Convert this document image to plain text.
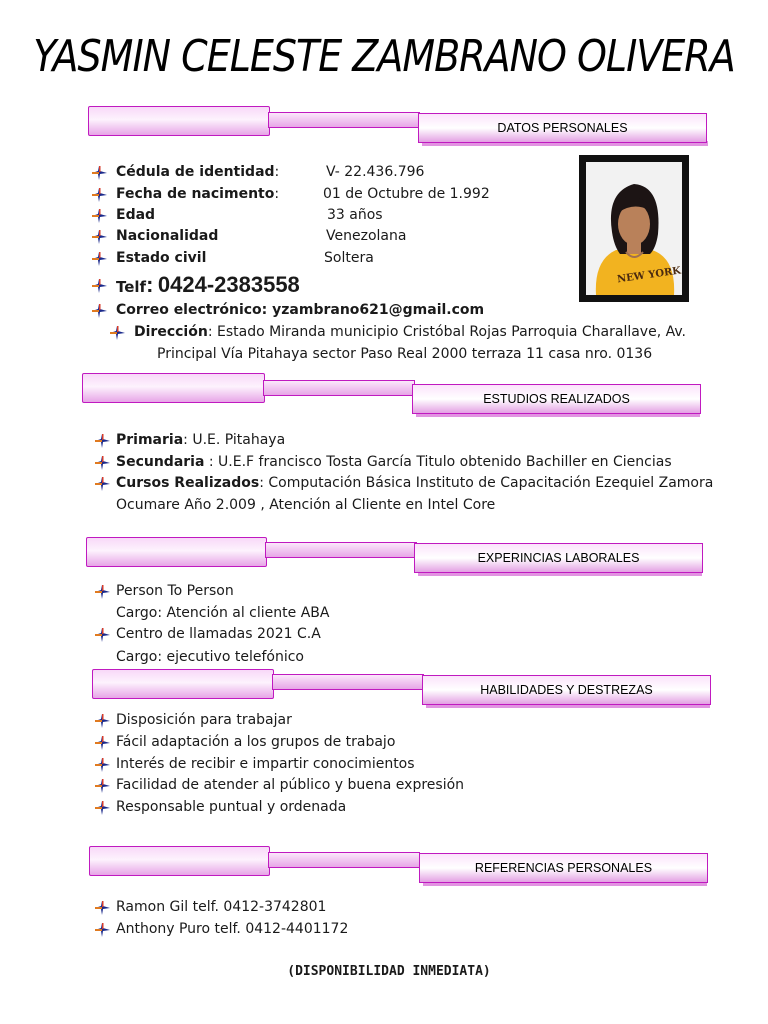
YASMIN CELESTE ZAMBRANO OLIVERA
DATOS PERSONALES
NEW YORK
Cédula de identidad:	V- 22.436.796
Fecha de nacimento:	01 de Octubre de 1.992
Edad	33 años
Nacionalidad	Venezolana
Estado civil	Soltera
Telf: 0424-2383558
Correo electrónico: yzambrano621@gmail.com
Dirección: Estado Miranda municipio Cristóbal Rojas Parroquia Charallave, Av.
Principal Vía Pitahaya sector Paso Real 2000 terraza 11 casa nro. 0136
ESTUDIOS REALIZADOS
Primaria: U.E. Pitahaya
Secundaria : U.E.F francisco Tosta García Titulo obtenido Bachiller en Ciencias
Cursos Realizados: Computación Básica Instituto de Capacitación Ezequiel Zamora
Ocumare Año 2.009 , Atención al Cliente en Intel Core
EXPERINCIAS LABORALES
Person To Person
Cargo: Atención al cliente ABA
Centro de llamadas 2021 C.A
Cargo: ejecutivo telefónico
HABILIDADES Y DESTREZAS
Disposición para trabajar
Fácil adaptación a los grupos de trabajo
Interés de recibir e impartir conocimientos
Facilidad de atender al público y buena expresión
Responsable puntual y ordenada
REFERENCIAS PERSONALES
Ramon Gil telf. 0412-3742801
Anthony Puro telf. 0412-4401172
(DISPONIBILIDAD INMEDIATA)
